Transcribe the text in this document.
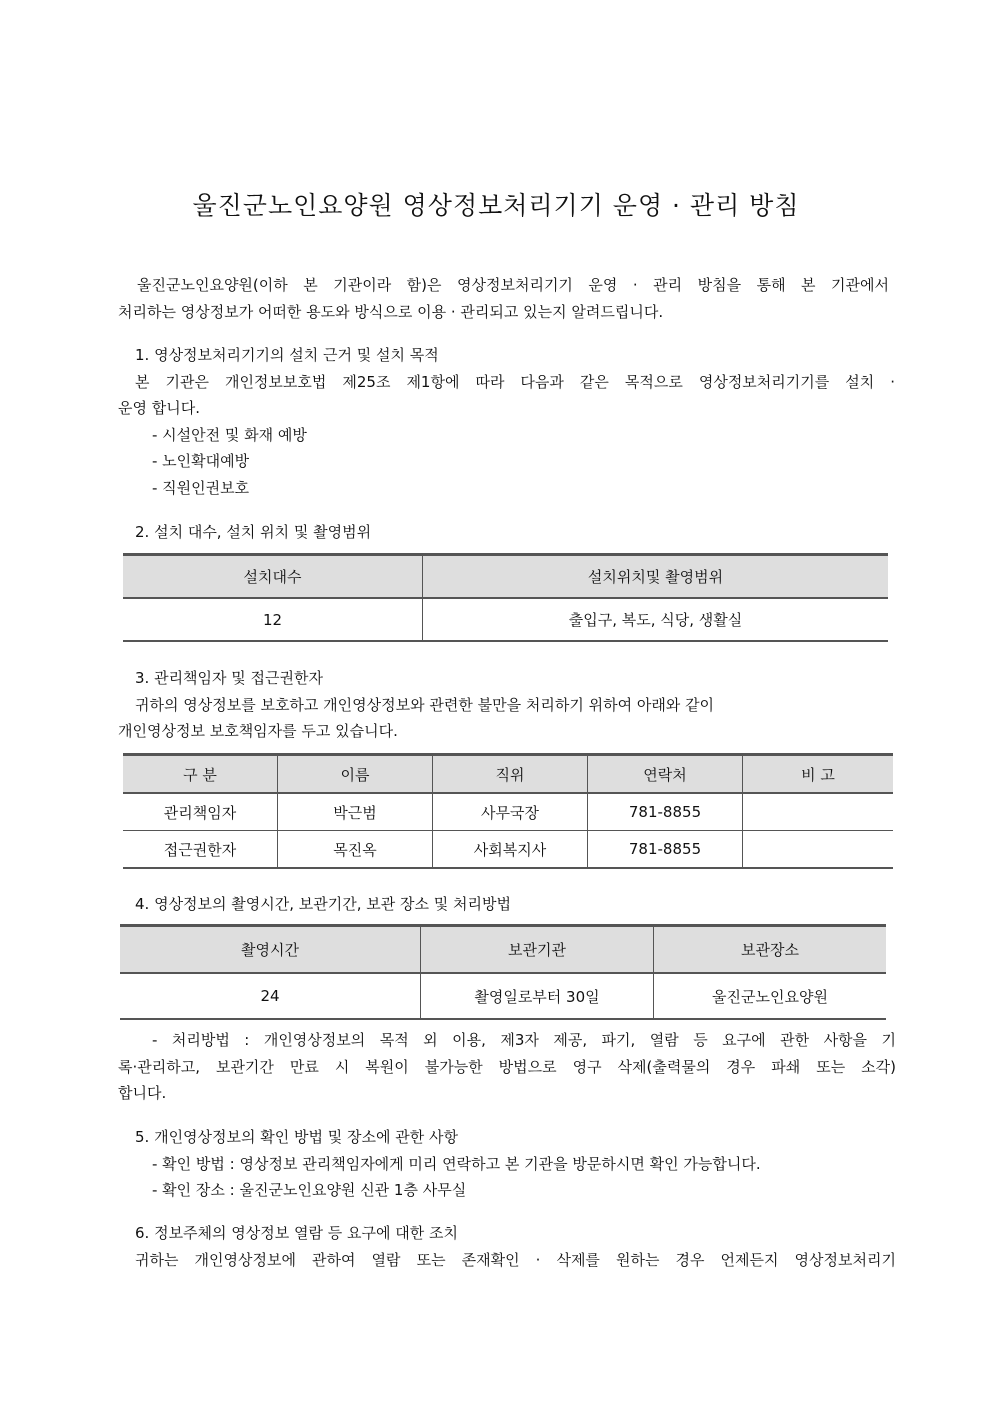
울진군노인요양원 영상정보처리기기 운영 · 관리 방침
울진군노인요양원(이하 본 기관이라 함)은 영상정보처리기기 운영 · 관리 방침을 통해 본 기관에서
처리하는 영상정보가 어떠한 용도와 방식으로 이용 · 관리되고 있는지 알려드립니다.
1. 영상정보처리기기의 설치 근거 및 설치 목적
본 기관은 개인정보보호법 제25조 제1항에 따라 다음과 같은 목적으로 영상정보처리기기를 설치 ·
운영 합니다.
- 시설안전 및 화재 예방
- 노인확대예방
- 직원인권보호
2. 설치 대수, 설치 위치 및 촬영범위
설치대수	설치위치및 촬영범위
12	출입구, 복도, 식당, 생활실
3. 관리책임자 및 접근권한자
귀하의 영상정보를 보호하고 개인영상정보와 관련한 불만을 처리하기 위하여 아래와 같이
개인영상정보 보호책임자를 두고 있습니다.
구 분	이름	직위	연락처	비 고
관리책임자	박근범	사무국장	781-8855	
접근권한자	목진옥	사회복지사	781-8855	
4. 영상정보의 촬영시간, 보관기간, 보관 장소 및 처리방법
촬영시간	보관기관	보관장소
24	촬영일로부터 30일	울진군노인요양원
- 처리방법 : 개인영상정보의 목적 외 이용, 제3자 제공, 파기, 열람 등 요구에 관한 사항을 기
록·관리하고, 보관기간 만료 시 복원이 불가능한 방법으로 영구 삭제(출력물의 경우 파쇄 또는 소각)
합니다.
5. 개인영상정보의 확인 방법 및 장소에 관한 사항
- 확인 방법 : 영상정보 관리책임자에게 미리 연락하고 본 기관을 방문하시면 확인 가능합니다.
- 확인 장소 : 울진군노인요양원 신관 1층 사무실
6. 정보주체의 영상정보 열람 등 요구에 대한 조치
귀하는 개인영상정보에 관하여 열람 또는 존재확인 · 삭제를 원하는 경우 언제든지 영상정보처리기
